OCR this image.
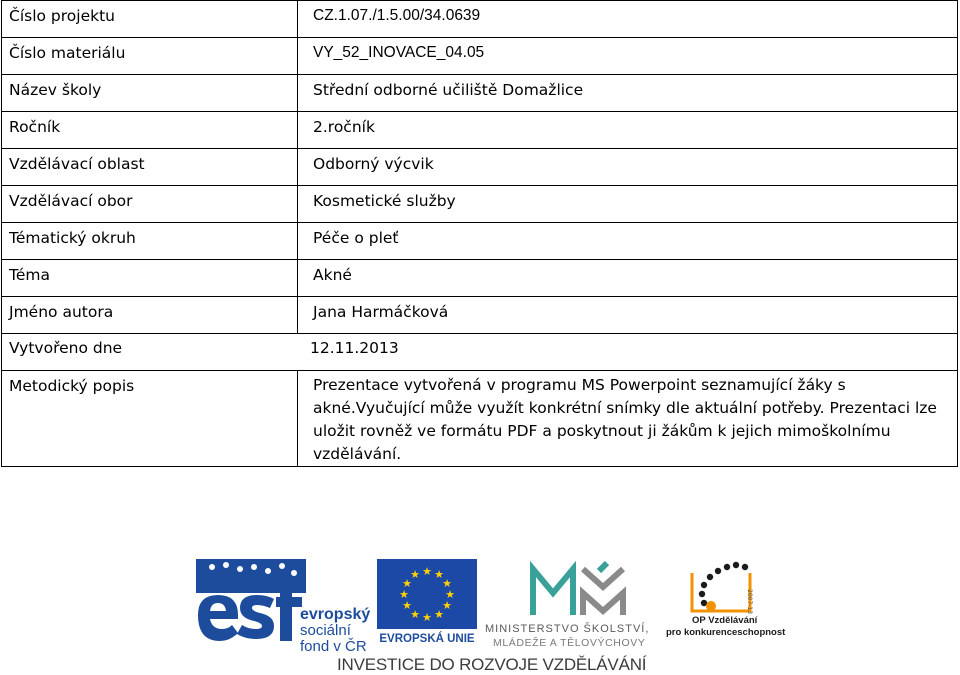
Číslo projektu	CZ.1.07./1.5.00/34.0639
Číslo materiálu	VY_52_INOVACE_04.05
Název školy	Střední odborné učiliště Domažlice
Ročník	2.ročník
Vzdělávací oblast	Odborný výcvik
Vzdělávací obor	Kosmetické služby
Tématický okruh	Péče o pleť
Téma	Akné
Jméno autora	Jana Harmáčková
Vytvořeno dne 12.11.2013	
Metodický popis	Prezentace vytvořená v programu MS Powerpoint seznamující žáky s akné.Vyučující může využít konkrétní snímky dle aktuální potřeby. Prezentaci lze uložit rovněž ve formátu PDF a poskytnout ji žákům k jejich mimoškolnímu vzdělávání.
evropský
sociální
fond v ČR
★ ★
★
★
★
★
★
★
★
★
★
★
EVROPSKÁ UNIE
MINISTERSTVO ŠKOLSTVÍ,
MLÁDEŽE A TĚLOVÝCHOVY
2007-13
OP Vzdělávání
pro konkurenceschopnost
INVESTICE DO ROZVOJE VZDĚLÁVÁNÍ
